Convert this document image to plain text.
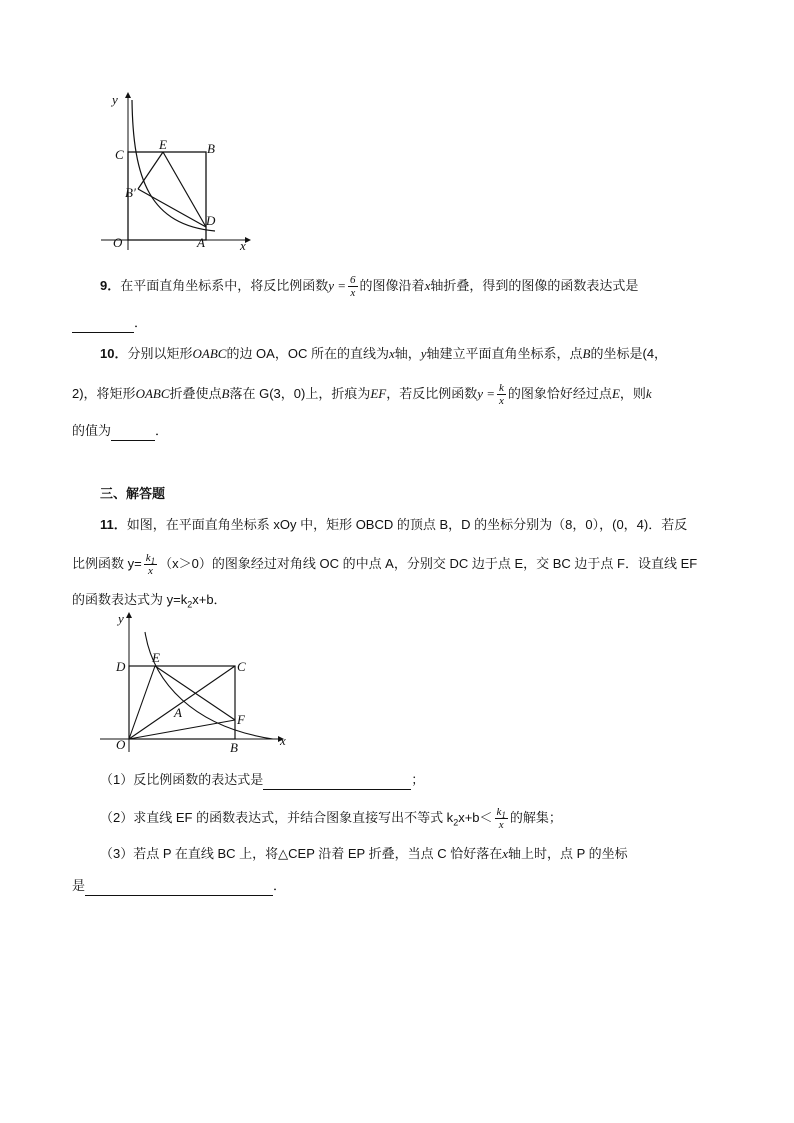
y
x
C
E	B
B′
D
O	A
9．在平面直角坐标系中，将反比例函数$y = \frac{6}{x}$ 的图像沿着x轴折叠，得到的图像的函数表达式是
．
10．分别以矩形OABC的边 OA，OC 所在的直线为x轴，y轴建立平面直角坐标系，点B的坐标是(4，
2)，将矩形OABC折叠使点B落在 G(3，0)上，折痕为EF，若反比例函数$y = \frac{k}{x}$ 的图象恰好经过点E，则k
的值为	．
三、解答题
11．如图，在平面直角坐标系 xOy 中，矩形 OBCD 的顶点 B，D 的坐标分别为（8，0），(0，4)．若反
比例函数 $y= \frac{k_1}{x} (x>0)$的图象经过对角线 OC 的中点 A，分别交 DC 边于点 E，交 BC 边于点 F．设直线 EF
的函数表达式为 $y=k_2x+b$．
y
x
D
E
C
A	F
O	B
（1）反比例函数的表达式是	；
（2）求直线 EF 的函数表达式，并结合图象直接写出不等式 $k_2x+b< \frac{k_1}{x}$ 的解集；
（3）若点 P 在直线 BC 上，将△CEP 沿着 EP 折叠，当点 C 恰好落在x轴上时，点 P 的坐标
是	．
